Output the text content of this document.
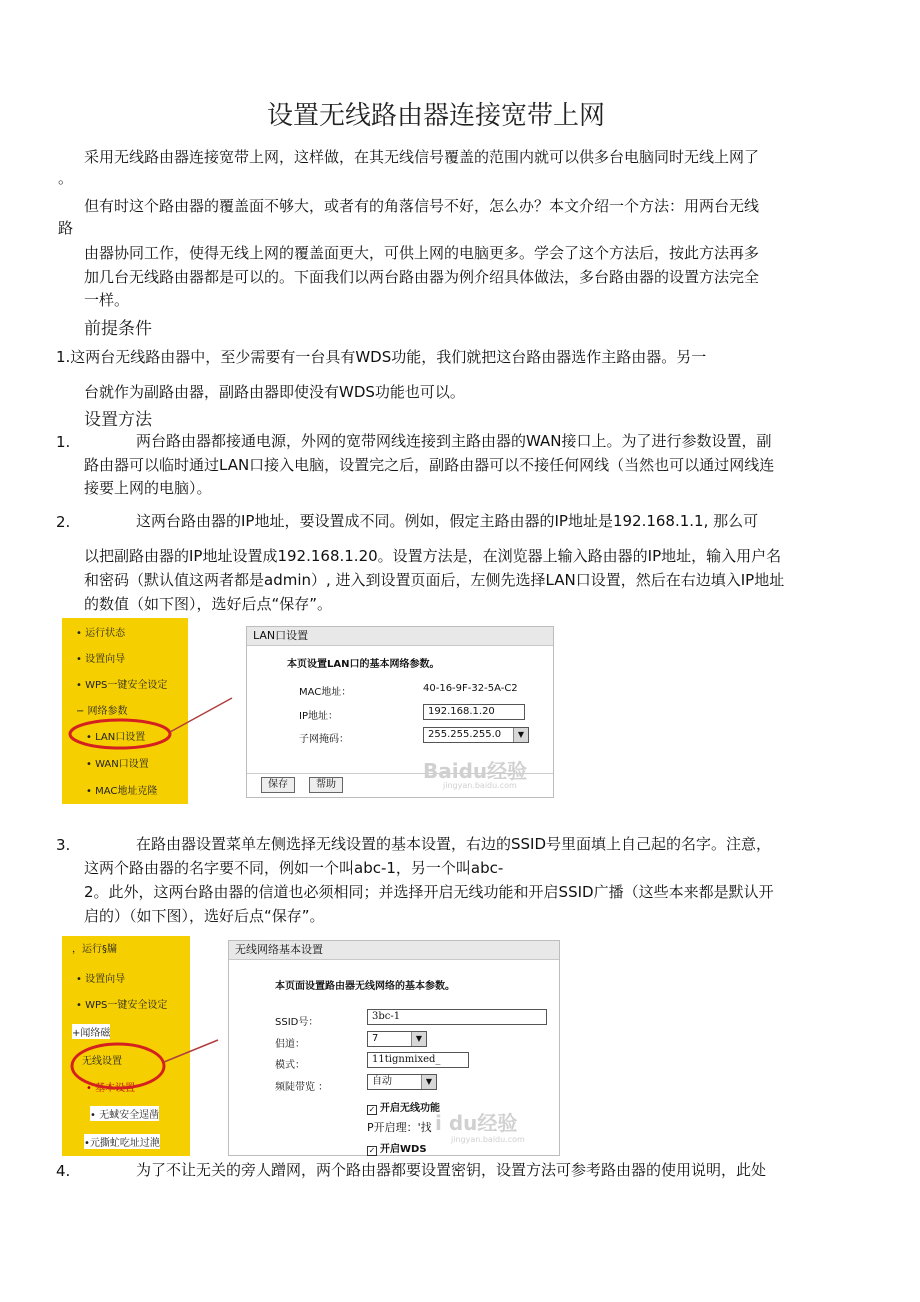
设置无线路由器连接宽带上网
采用无线路由器连接宽带上网，这样做，在其无线信号覆盖的范围内就可以供多台电脑同时无线上网了
。
但有时这个路由器的覆盖面不够大，或者有的角落信号不好，怎么办？本文介绍一个方法：用两台无线
路
由器协同工作，使得无线上网的覆盖面更大，可供上网的电脑更多。学会了这个方法后，按此方法再多
加几台无线路由器都是可以的。下面我们以两台路由器为例介绍具体做法，多台路由器的设置方法完全
一样。
前提条件
1.这两台无线路由器中，至少需要有一台具有WDS功能，我们就把这台路由器选作主路由器。另一
台就作为副路由器，副路由器即使没有WDS功能也可以。
设置方法
1.	两台路由器都接通电源，外网的宽带网线连接到主路由器的WAN接口上。为了进行参数设置，副
路由器可以临时通过LAN口接入电脑，设置完之后，副路由器可以不接任何网线（当然也可以通过网线连
接要上网的电脑）。
2.	这两台路由器的IP地址，要设置成不同。例如，假定主路由器的IP地址是192.168.1.1, 那么可
以把副路由器的IP地址设置成192.168.1.20。设置方法是，在浏览器上输入路由器的IP地址，输入用户名
和密码（默认值这两者都是admin）, 进入到设置页面后，左侧先选择LAN口设置，然后在右边填入IP地址
的数值（如下图），选好后点“保存”。
• 运行状态
• 设置向导
• WPS一键安全设定
− 网络参数
• LAN口设置
• WAN口设置
• MAC地址克隆
LAN口设置
本页设置LAN口的基本网络参数。
MAC地址：	40-16-9F-32-5A-C2
IP地址：	192.168.1.20
子网掩码：	255.255.255.0	▼
保存	帮助
Baidu经验
jingyan.baidu.com
3.	在路由器设置菜单左侧选择无线设置的基本设置，右边的SSID号里面填上自己起的名字。注意，
这两个路由器的名字要不同，例如一个叫abc-1，另一个叫abc-
2。此外，这两台路由器的信道也必须相同；并选择开启无线功能和开启SSID广播（这些本来都是默认开
启的）（如下图），选好后点“保存”。
，运行§牖
• 设置向导
• WPS一键安全设定
+闻络磁
无线设置
• 基本设置
• 无蜮安全逞凿
•元撕虻吃址过滟
无线网络基本设置
本页面设置路由器无线网络的基本参数。
SSID号：
3bc-1
侣道：
7	▼
模式：
11tignmixed_
频陡带览 ：
自动	▼
✓ 开启无线功能
P开启理：'找
✓ 开启WDS
i du经验
jingyan.baidu.com
4.	为了不让无关的旁人蹭网，两个路由器都要设置密钥，设置方法可参考路由器的使用说明，此处
